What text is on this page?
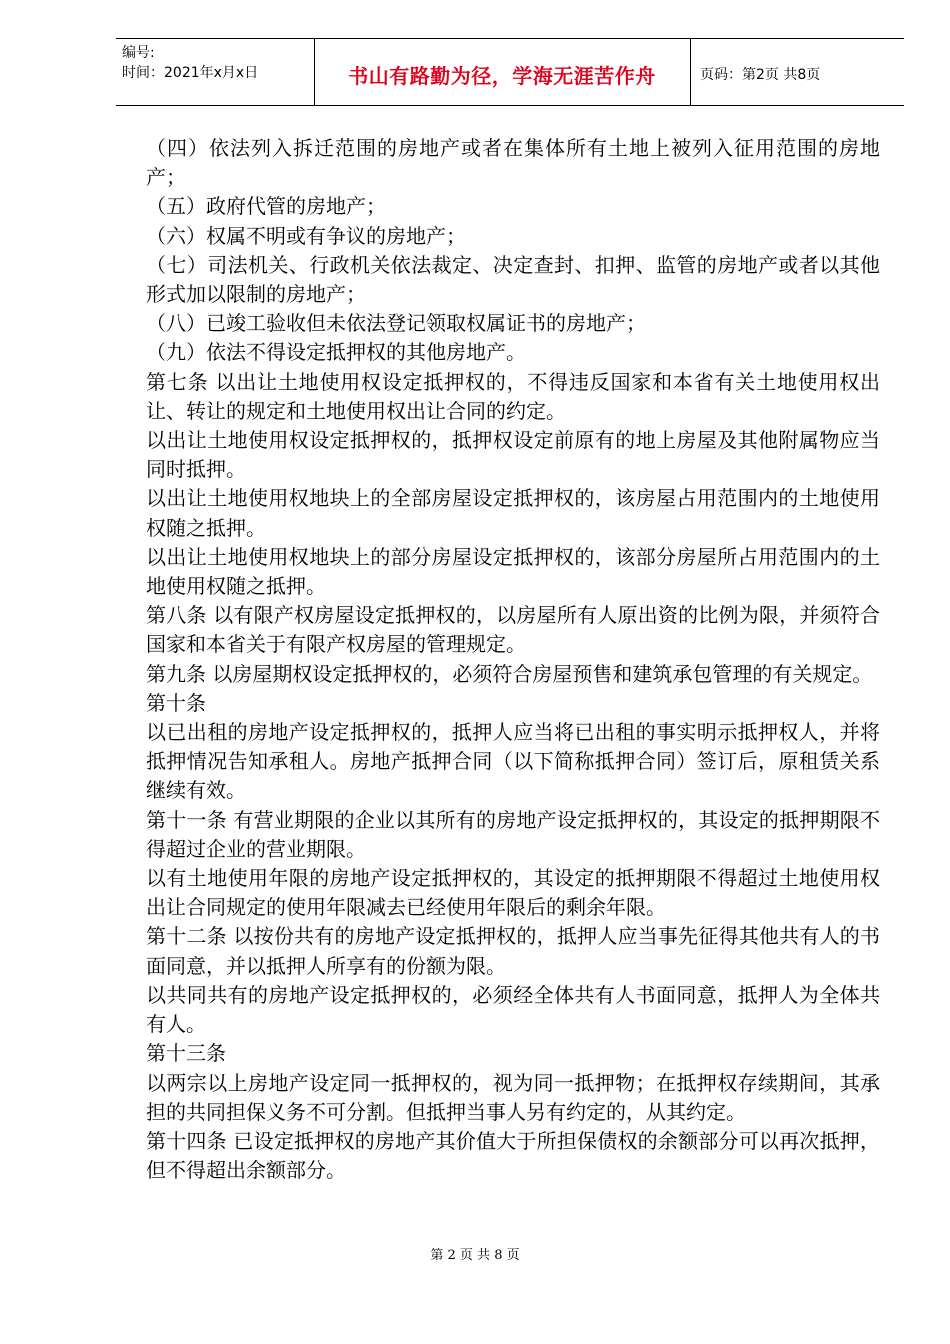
编号:
时间：2021年x月x日	书山有路勤为径，学海无涯苦作舟	页码：第2页 共8页

（四）依法列入拆迁范围的房地产或者在集体所有土地上被列入征用范围的房地产；

（五）政府代管的房地产；

（六）权属不明或有争议的房地产；

（七）司法机关、行政机关依法裁定、决定查封、扣押、监管的房地产或者以其他形式加以限制的房地产；

（八）已竣工验收但未依法登记领取权属证书的房地产；

（九）依法不得设定抵押权的其他房地产。

第七条 以出让土地使用权设定抵押权的，不得违反国家和本省有关土地使用权出让、转让的规定和土地使用权出让合同的约定。

以出让土地使用权设定抵押权的，抵押权设定前原有的地上房屋及其他附属物应当同时抵押。

以出让土地使用权地块上的全部房屋设定抵押权的，该房屋占用范围内的土地使用权随之抵押。

以出让土地使用权地块上的部分房屋设定抵押权的，该部分房屋所占用范围内的土地使用权随之抵押。

第八条 以有限产权房屋设定抵押权的，以房屋所有人原出资的比例为限，并须符合国家和本省关于有限产权房屋的管理规定。

第九条 以房屋期权设定抵押权的，必须符合房屋预售和建筑承包管理的有关规定。

第十条

以已出租的房地产设定抵押权的，抵押人应当将已出租的事实明示抵押权人，并将抵押情况告知承租人。房地产抵押合同（以下简称抵押合同）签订后，原租赁关系继续有效。

第十一条 有营业期限的企业以其所有的房地产设定抵押权的，其设定的抵押期限不得超过企业的营业期限。

以有土地使用年限的房地产设定抵押权的，其设定的抵押期限不得超过土地使用权出让合同规定的使用年限减去已经使用年限后的剩余年限。

第十二条 以按份共有的房地产设定抵押权的，抵押人应当事先征得其他共有人的书面同意，并以抵押人所享有的份额为限。

以共同共有的房地产设定抵押权的，必须经全体共有人书面同意，抵押人为全体共有人。

第十三条

以两宗以上房地产设定同一抵押权的，视为同一抵押物；在抵押权存续期间，其承担的共同担保义务不可分割。但抵押当事人另有约定的，从其约定。

第十四条 已设定抵押权的房地产其价值大于所担保债权的余额部分可以再次抵押，但不得超出余额部分。

第 2 页 共 8 页
